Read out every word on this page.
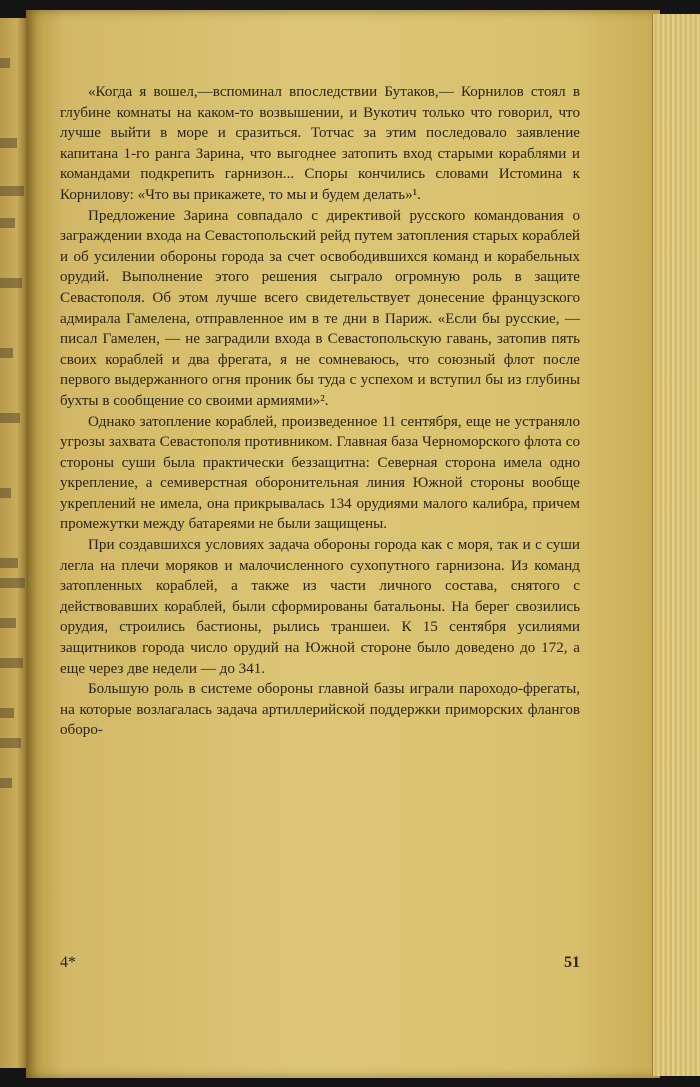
«Когда я вошел,—вспоминал впоследствии Бутаков,— Корнилов стоял в глубине комнаты на каком-то возвышении, и Вукотич только что говорил, что лучше выйти в море и сразиться. Тотчас за этим последовало заявление капитана 1-го ранга Зарина, что выгоднее затопить вход старыми кораблями и командами подкрепить гарнизон... Споры кончились словами Истомина к Корнилову: «Что вы прикажете, то мы и будем делать»¹.

Предложение Зарина совпадало с директивой русского командования о заграждении входа на Севастопольский рейд путем затопления старых кораблей и об усилении обороны города за счет освободившихся команд и корабельных орудий. Выполнение этого решения сыграло огромную роль в защите Севастополя. Об этом лучше всего свидетельствует донесение французского адмирала Гамелена, отправленное им в те дни в Париж. «Если бы русские, — писал Гамелен, — не заградили входа в Севастопольскую гавань, затопив пять своих кораблей и два фрегата, я не сомневаюсь, что союзный флот после первого выдержанного огня проник бы туда с успехом и вступил бы из глубины бухты в сообщение со своими армиями»².

Однако затопление кораблей, произведенное 11 сентября, еще не устраняло угрозы захвата Севастополя противником. Главная база Черноморского флота со стороны суши была практически беззащитна: Северная сторона имела одно укрепление, а семиверстная оборонительная линия Южной стороны вообще укреплений не имела, она прикрывалась 134 орудиями малого калибра, причем промежутки между батареями не были защищены.

При создавшихся условиях задача обороны города как с моря, так и с суши легла на плечи моряков и малочисленного сухопутного гарнизона. Из команд затопленных кораблей, а также из части личного состава, снятого с действовавших кораблей, были сформированы батальоны. На берег свозились орудия, строились бастионы, рылись траншеи. К 15 сентября усилиями защитников города число орудий на Южной стороне было доведено до 172, а еще через две недели — до 341.

Большую роль в системе обороны главной базы играли пароходо-фрегаты, на которые возлагалась задача артиллерийской поддержки приморских флангов оборо-

4*	51
